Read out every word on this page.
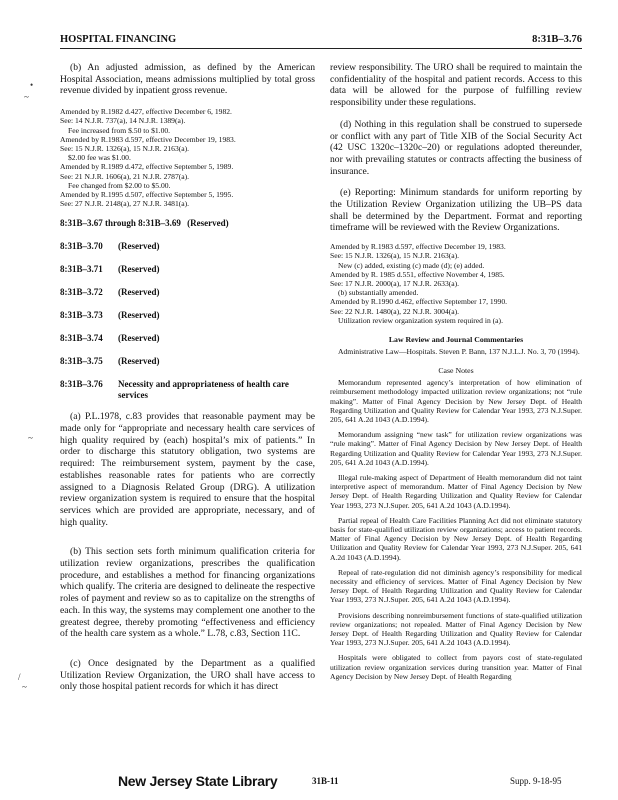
HOSPITAL FINANCING	8:31B–3.76
•
~
~
/
~

(b) An adjusted admission, as defined by the American Hospital Association, means admissions multiplied by total gross revenue divided by inpatient gross revenue.

Amended by R.1982 d.427, effective December 6, 1982.
See: 14 N.J.R. 737(a), 14 N.J.R. 1389(a).
Fee increased from $.50 to $1.00.
Amended by R.1983 d.597, effective December 19, 1983.
See: 15 N.J.R. 1326(a), 15 N.J.R. 2163(a).
$2.00 fee was $1.00.
Amended by R.1989 d.472, effective September 5, 1989.
See: 21 N.J.R. 1606(a), 21 N.J.R. 2787(a).
Fee changed from $2.00 to $5.00.
Amended by R.1995 d.507, effective September 5, 1995.
See: 27 N.J.R. 2148(a), 27 N.J.R. 3481(a).
8:31B–3.67 through 8:31B–3.69 (Reserved)
8:31B–3.70 (Reserved)
8:31B–3.71 (Reserved)
8:31B–3.72 (Reserved)
8:31B–3.73 (Reserved)
8:31B–3.74 (Reserved)
8:31B–3.75 (Reserved)
8:31B–3.76	Necessity and appropriateness of health care services

(a) P.L.1978, c.83 provides that reasonable payment may be made only for “appropriate and necessary health care services of high quality required by (each) hospital’s mix of patients.” In order to discharge this statutory obligation, two systems are required: The reimbursement system, payment by the case, establishes reasonable rates for patients who are correctly assigned to a Diagnosis Related Group (DRG). A utilization review organization system is required to ensure that the hospital services which are provided are appropriate, necessary, and of high quality.

(b) This section sets forth minimum qualification criteria for utilization review organizations, prescribes the qualification procedure, and establishes a method for financing organizations which qualify. The criteria are designed to delineate the respective roles of payment and review so as to capitalize on the strengths of each. In this way, the systems may complement one another to the greatest degree, thereby promoting “effectiveness and efficiency of the health care system as a whole.” L.78, c.83, Section 11C.

(c) Once designated by the Department as a qualified Utilization Review Organization, the URO shall have access to only those hospital patient records for which it has direct

review responsibility. The URO shall be required to maintain the confidentiality of the hospital and patient records. Access to this data will be allowed for the purpose of fulfilling review responsibility under these regulations.

(d) Nothing in this regulation shall be construed to supersede or conflict with any part of Title XIB of the Social Security Act (42 USC 1320c–1320c–20) or regulations adopted thereunder, nor with prevailing statutes or contracts affecting the business of insurance.

(e) Reporting: Minimum standards for uniform reporting by the Utilization Review Organization utilizing the UB–PS data shall be determined by the Department. Format and reporting timeframe will be reviewed with the Review Organizations.

Amended by R.1983 d.597, effective December 19, 1983.
See: 15 N.J.R. 1326(a), 15 N.J.R. 2163(a).
New (c) added, existing (c) made (d); (e) added.
Amended by R. 1985 d.551, effective November 4, 1985.
See: 17 N.J.R. 2000(a), 17 N.J.R. 2633(a).
(b) substantially amended.
Amended by R.1990 d.462, effective September 17, 1990.
See: 22 N.J.R. 1480(a), 22 N.J.R. 3004(a).
Utilization review organization system required in (a).
Law Review and Journal Commentaries

Administrative Law—Hospitals. Steven P. Bann, 137 N.J.L.J. No. 3, 70 (1994).

Case Notes

Memorandum represented agency’s interpretation of how elimination of reimbursement methodology impacted utilization review organizations; not “rule making”. Matter of Final Agency Decision by New Jersey Dept. of Health Regarding Utilization and Quality Review for Calendar Year 1993, 273 N.J.Super. 205, 641 A.2d 1043 (A.D.1994).

Memorandum assigning “new task” for utilization review organizations was “rule making”. Matter of Final Agency Decision by New Jersey Dept. of Health Regarding Utilization and Quality Review for Calendar Year 1993, 273 N.J.Super. 205, 641 A.2d 1043 (A.D.1994).

Illegal rule-making aspect of Department of Health memorandum did not taint interpretive aspect of memorandum. Matter of Final Agency Decision by New Jersey Dept. of Health Regarding Utilization and Quality Review for Calendar Year 1993, 273 N.J.Super. 205, 641 A.2d 1043 (A.D.1994).

Partial repeal of Health Care Facilities Planning Act did not eliminate statutory basis for state-qualified utilization review organizations; access to patient records. Matter of Final Agency Decision by New Jersey Dept. of Health Regarding Utilization and Quality Review for Calendar Year 1993, 273 N.J.Super. 205, 641 A.2d 1043 (A.D.1994).

Repeal of rate-regulation did not diminish agency’s responsibility for medical necessity and efficiency of services. Matter of Final Agency Decision by New Jersey Dept. of Health Regarding Utilization and Quality Review for Calendar Year 1993, 273 N.J.Super. 205, 641 A.2d 1043 (A.D.1994).

Provisions describing nonreimbursement functions of state-qualified utilization review organizations; not repealed. Matter of Final Agency Decision by New Jersey Dept. of Health Regarding Utilization and Quality Review for Calendar Year 1993, 273 N.J.Super. 205, 641 A.2d 1043 (A.D.1994).

Hospitals were obligated to collect from payors cost of state-regulated utilization review organization services during transition year. Matter of Final Agency Decision by New Jersey Dept. of Health Regarding

New Jersey State Library	31B-11	Supp. 9-18-95
